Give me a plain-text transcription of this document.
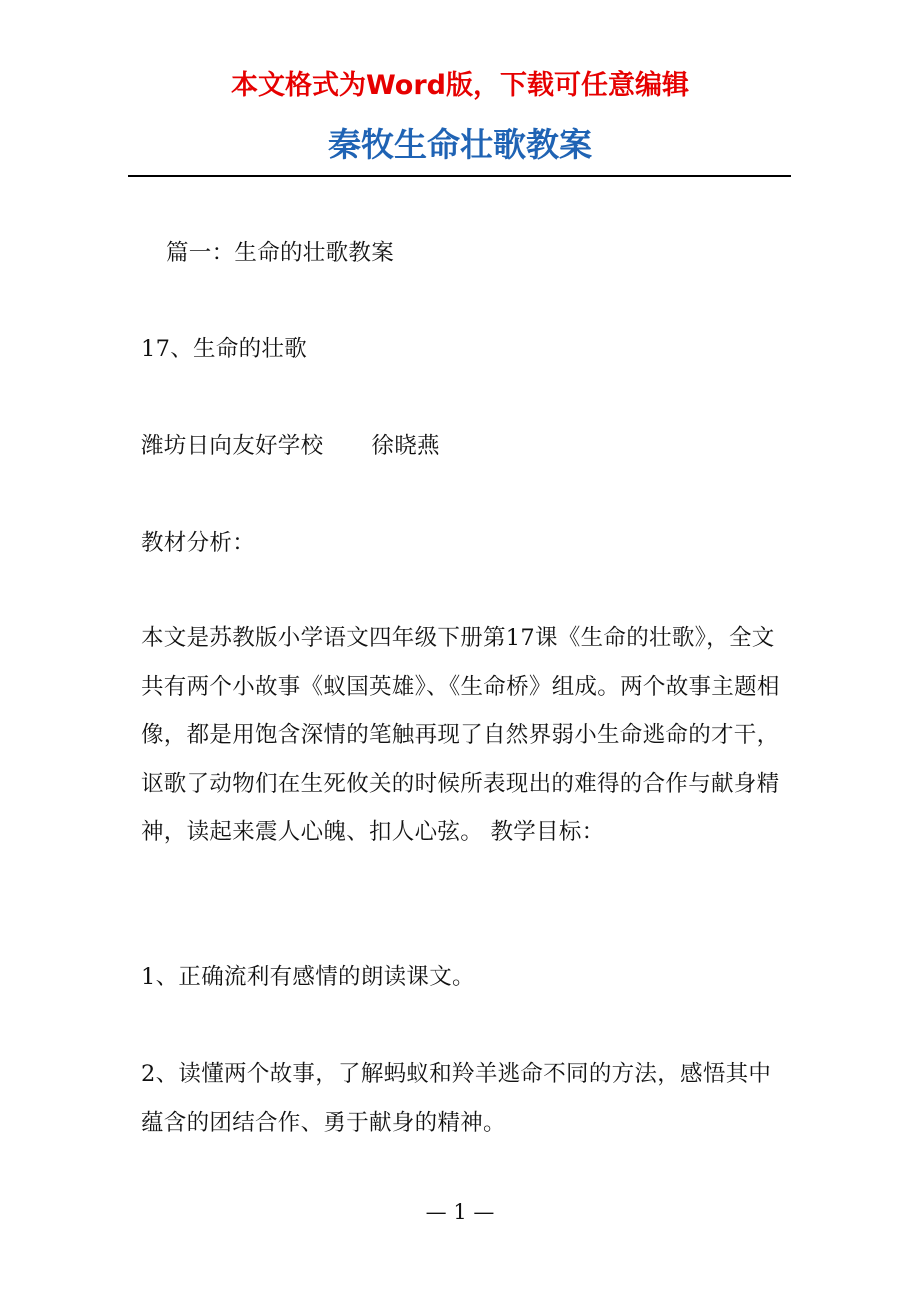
本文格式为Word版，下载可任意编辑

秦牧生命壮歌教案

篇一：生命的壮歌教案

17、生命的壮歌

潍坊日向友好学校 徐晓燕

教材分析：

本文是苏教版小学语文四年级下册第17课《生命的壮歌》，全文共有两个小故事《蚁国英雄》、《生命桥》组成。两个故事主题相像，都是用饱含深情的笔触再现了自然界弱小生命逃命的才干，讴歌了动物们在生死攸关的时候所表现出的难得的合作与献身精神，读起来震人心魄、扣人心弦。 教学目标：

1、正确流利有感情的朗读课文。

2、读懂两个故事，了解蚂蚁和羚羊逃命不同的方法，感悟其中蕴含的团结合作、勇于献身的精神。

— 1 —
